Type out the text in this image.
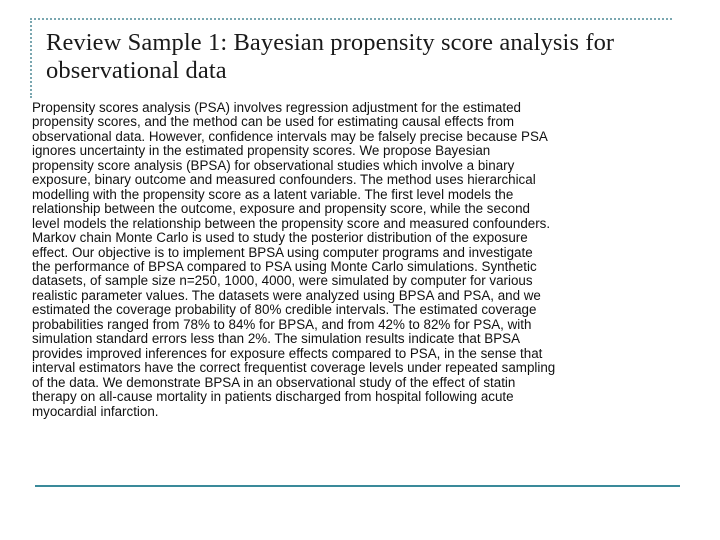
Review Sample 1: Bayesian propensity score analysis for observational data

Propensity scores analysis (PSA) involves regression adjustment for the estimated
propensity scores, and the method can be used for estimating causal effects from
observational data. However, confidence intervals may be falsely precise because PSA
ignores uncertainty in the estimated propensity scores. We propose Bayesian
propensity score analysis (BPSA) for observational studies which involve a binary
exposure, binary outcome and measured confounders. The method uses hierarchical
modelling with the propensity score as a latent variable. The first level models the
relationship between the outcome, exposure and propensity score, while the second
level models the relationship between the propensity score and measured confounders.
Markov chain Monte Carlo is used to study the posterior distribution of the exposure
effect. Our objective is to implement BPSA using computer programs and investigate
the performance of BPSA compared to PSA using Monte Carlo simulations. Synthetic
datasets, of sample size n=250, 1000, 4000, were simulated by computer for various
realistic parameter values. The datasets were analyzed using BPSA and PSA, and we
estimated the coverage probability of 80% credible intervals. The estimated coverage
probabilities ranged from 78% to 84% for BPSA, and from 42% to 82% for PSA, with
simulation standard errors less than 2%. The simulation results indicate that BPSA
provides improved inferences for exposure effects compared to PSA, in the sense that
interval estimators have the correct frequentist coverage levels under repeated sampling
of the data. We demonstrate BPSA in an observational study of the effect of statin
therapy on all-cause mortality in patients discharged from hospital following acute
myocardial infarction.
